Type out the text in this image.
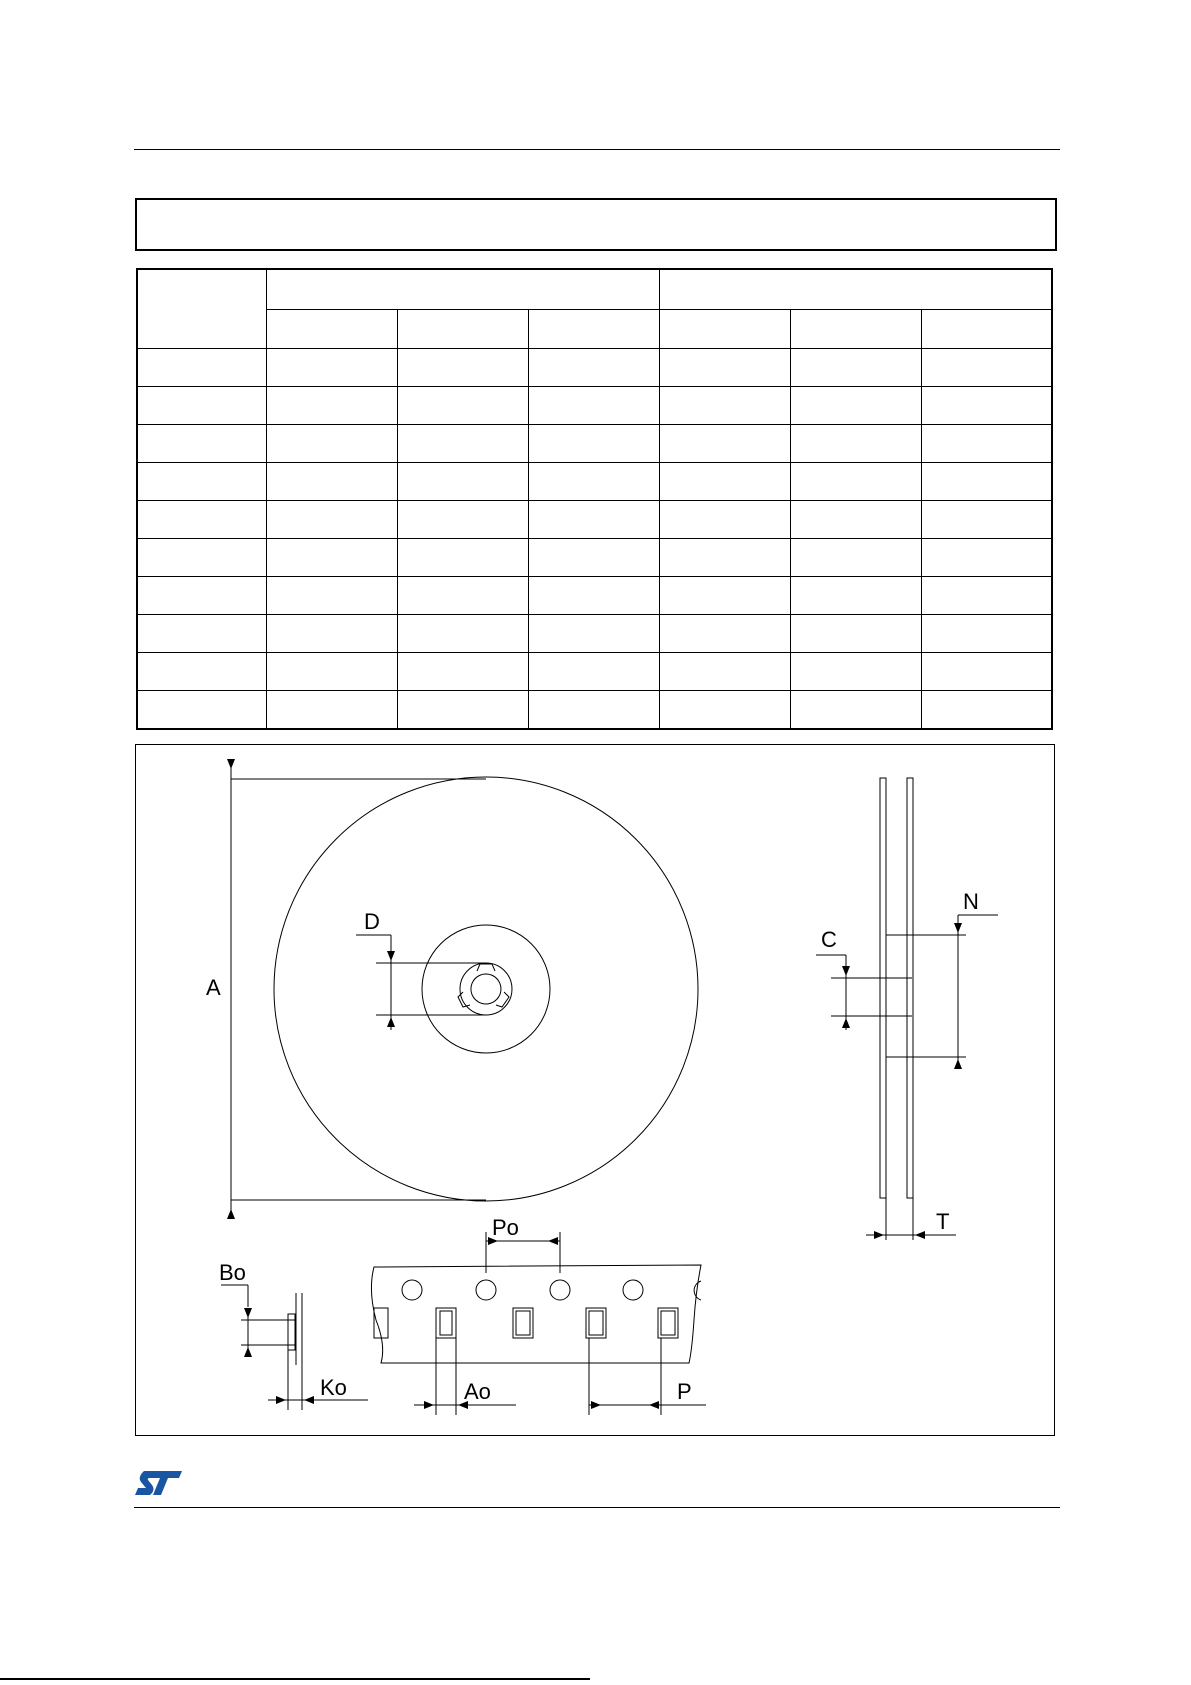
A
D
N
C
T
Bo
Ko
Po
Ao	P
